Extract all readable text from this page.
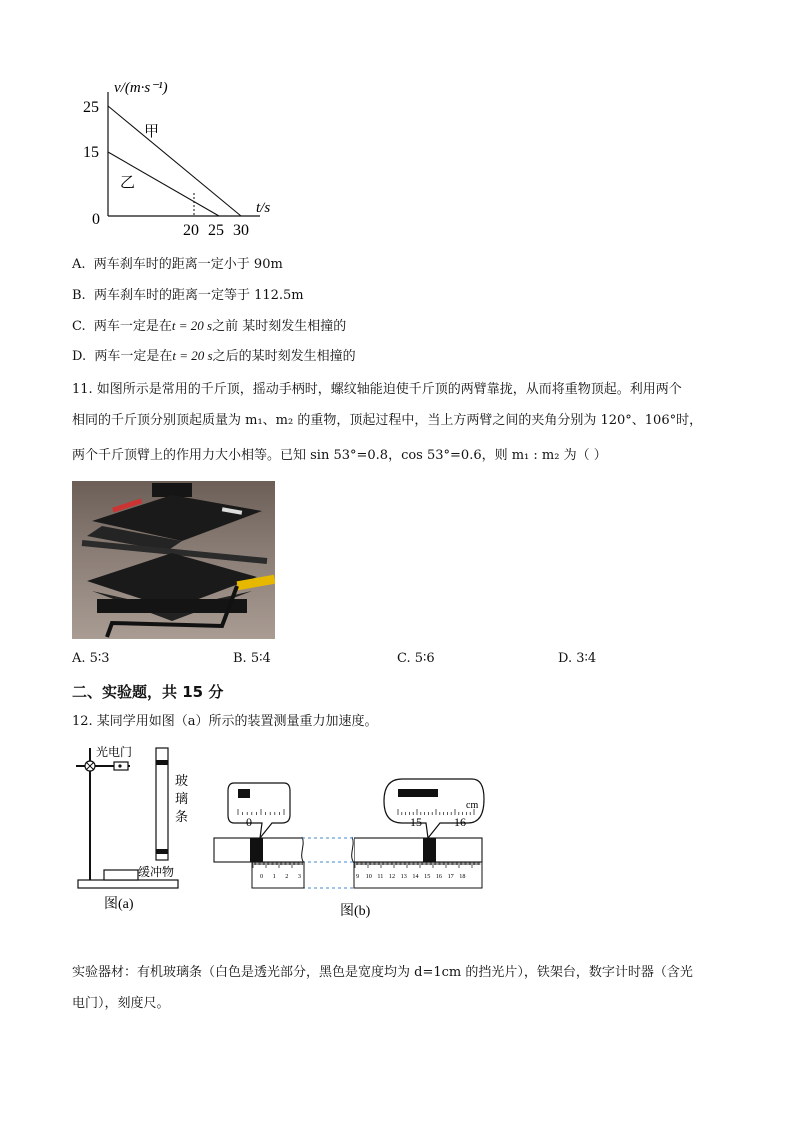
v/(m·s⁻¹)
t/s
25
15
0
20 25 30
甲
乙
A. 两车刹车时的距离一定小于 90m
B. 两车刹车时的距离一定等于 112.5m
C. 两车一定是在t = 20 s之前 某时刻发生相撞的
D. 两车一定是在t = 20 s之后的某时刻发生相撞的
11. 如图所示是常用的千斤顶，摇动手柄时，螺纹轴能迫使千斤顶的两臂靠拢，从而将重物顶起。利用两个
相同的千斤顶分别顶起质量为 m₁、m₂ 的重物，顶起过程中，当上方两臂之间的夹角分别为 120°、106°时，
两个千斤顶臂上的作用力大小相等。已知 sin 53°=0.8，cos 53°=0.6，则 m₁ : m₂ 为（ ）
A. 5∶3	B. 5∶4	C. 5∶6	D. 3∶4
二、实验题，共 15 分
12. 某同学用如图（a）所示的装置测量重力加速度。
光电门
玻
璃
条
缓冲物
图(a)
0 1 2 3	9 10 11 12 13 14 15 16 17 18
0
cm
15	16
图(b)
实验器材：有机玻璃条（白色是透光部分，黑色是宽度均为 d=1cm 的挡光片），铁架台，数字计时器（含光
电门），刻度尺。
